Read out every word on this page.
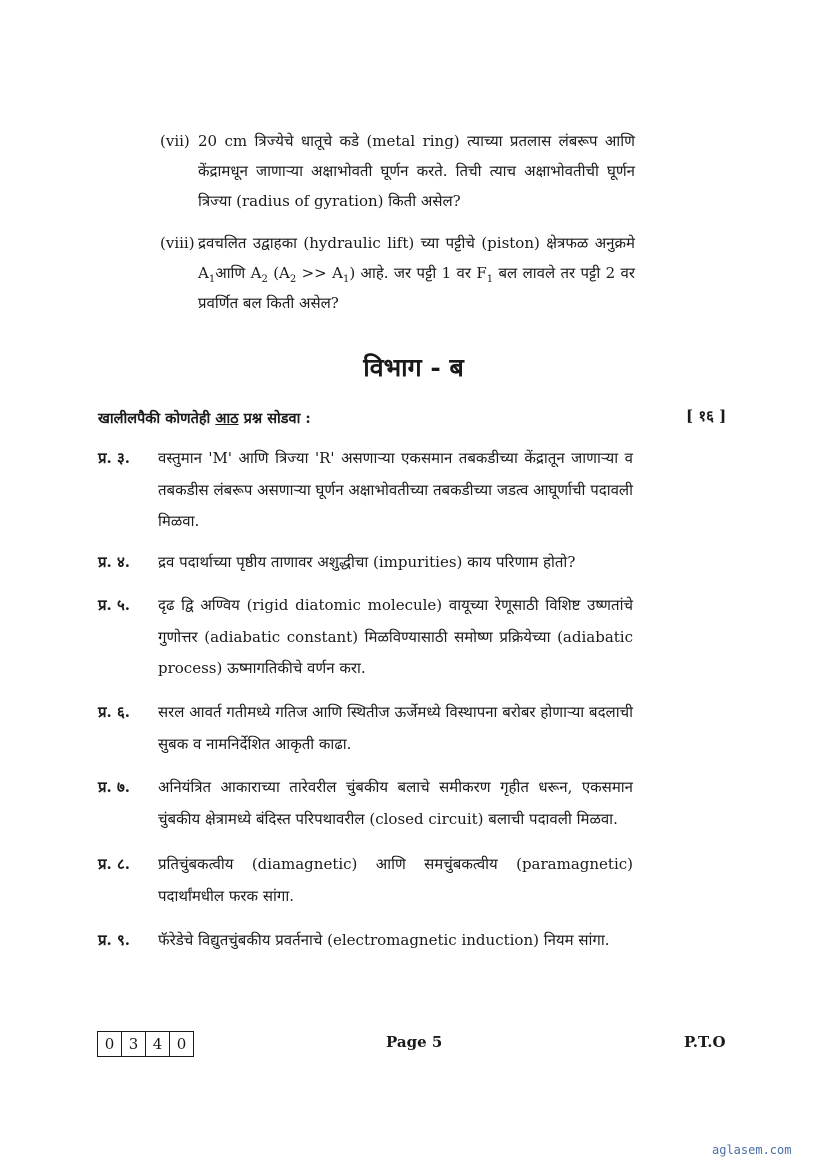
(vii) 20 cm त्रिज्येचे धातूचे कडे (metal ring) त्याच्या प्रतलास लंबरूप आणि केंद्रामधून जाणाऱ्या अक्षाभोवती घूर्णन करते. तिची त्याच अक्षाभोवतीची घूर्णन त्रिज्या (radius of gyration) किती असेल?
(viii) द्रवचलित उद्वाहका (hydraulic lift) च्या पट्टीचे (piston) क्षेत्रफळ अनुक्रमे $A_1आणि$ $A_2$ $(A_2 >> A_1)$ आहे. जर पट्टी 1 वर $F_1$ बल लावले तर पट्टी 2 वर प्रवर्णित बल किती असेल?
विभाग - ब
खालीलपैकी कोणतेही आठ प्रश्न सोडवा :	[ १६ ]
प्र. ३.	वस्तुमान 'M' आणि त्रिज्या 'R' असणाऱ्या एकसमान तबकडीच्या केंद्रातून जाणाऱ्या व तबकडीस लंबरूप असणाऱ्या घूर्णन अक्षाभोवतीच्या तबकडीच्या जडत्व आघूर्णाची पदावली मिळवा.
प्र. ४.	द्रव पदार्थाच्या पृष्ठीय ताणावर अशुद्धीचा (impurities) काय परिणाम होतो?
प्र. ५.	दृढ द्वि अण्विय (rigid diatomic molecule) वायूच्या रेणूसाठी विशिष्ट उष्णतांचे गुणोत्तर (adiabatic constant) मिळविण्यासाठी समोष्ण प्रक्रियेच्या (adiabatic process) ऊष्मागतिकीचे वर्णन करा.
प्र. ६.	सरल आवर्त गतीमध्ये गतिज आणि स्थितीज ऊर्जेमध्ये विस्थापना बरोबर होणाऱ्या बदलाची सुबक व नामनिर्देशित आकृती काढा.
प्र. ७.	अनियंत्रित आकाराच्या तारेवरील चुंबकीय बलाचे समीकरण गृहीत धरून, एकसमान चुंबकीय क्षेत्रामध्ये बंदिस्त परिपथावरील (closed circuit) बलाची पदावली मिळवा.
प्र. ८.	प्रतिचुंबकत्वीय (diamagnetic) आणि समचुंबकत्वीय (paramagnetic) पदार्थांमधील फरक सांगा.
प्र. ९.	फॅरेडेचे विद्युतचुंबकीय प्रवर्तनाचे (electromagnetic induction) नियम सांगा.
0 3 4 0	Page 5	P.T.O
aglasem.com
